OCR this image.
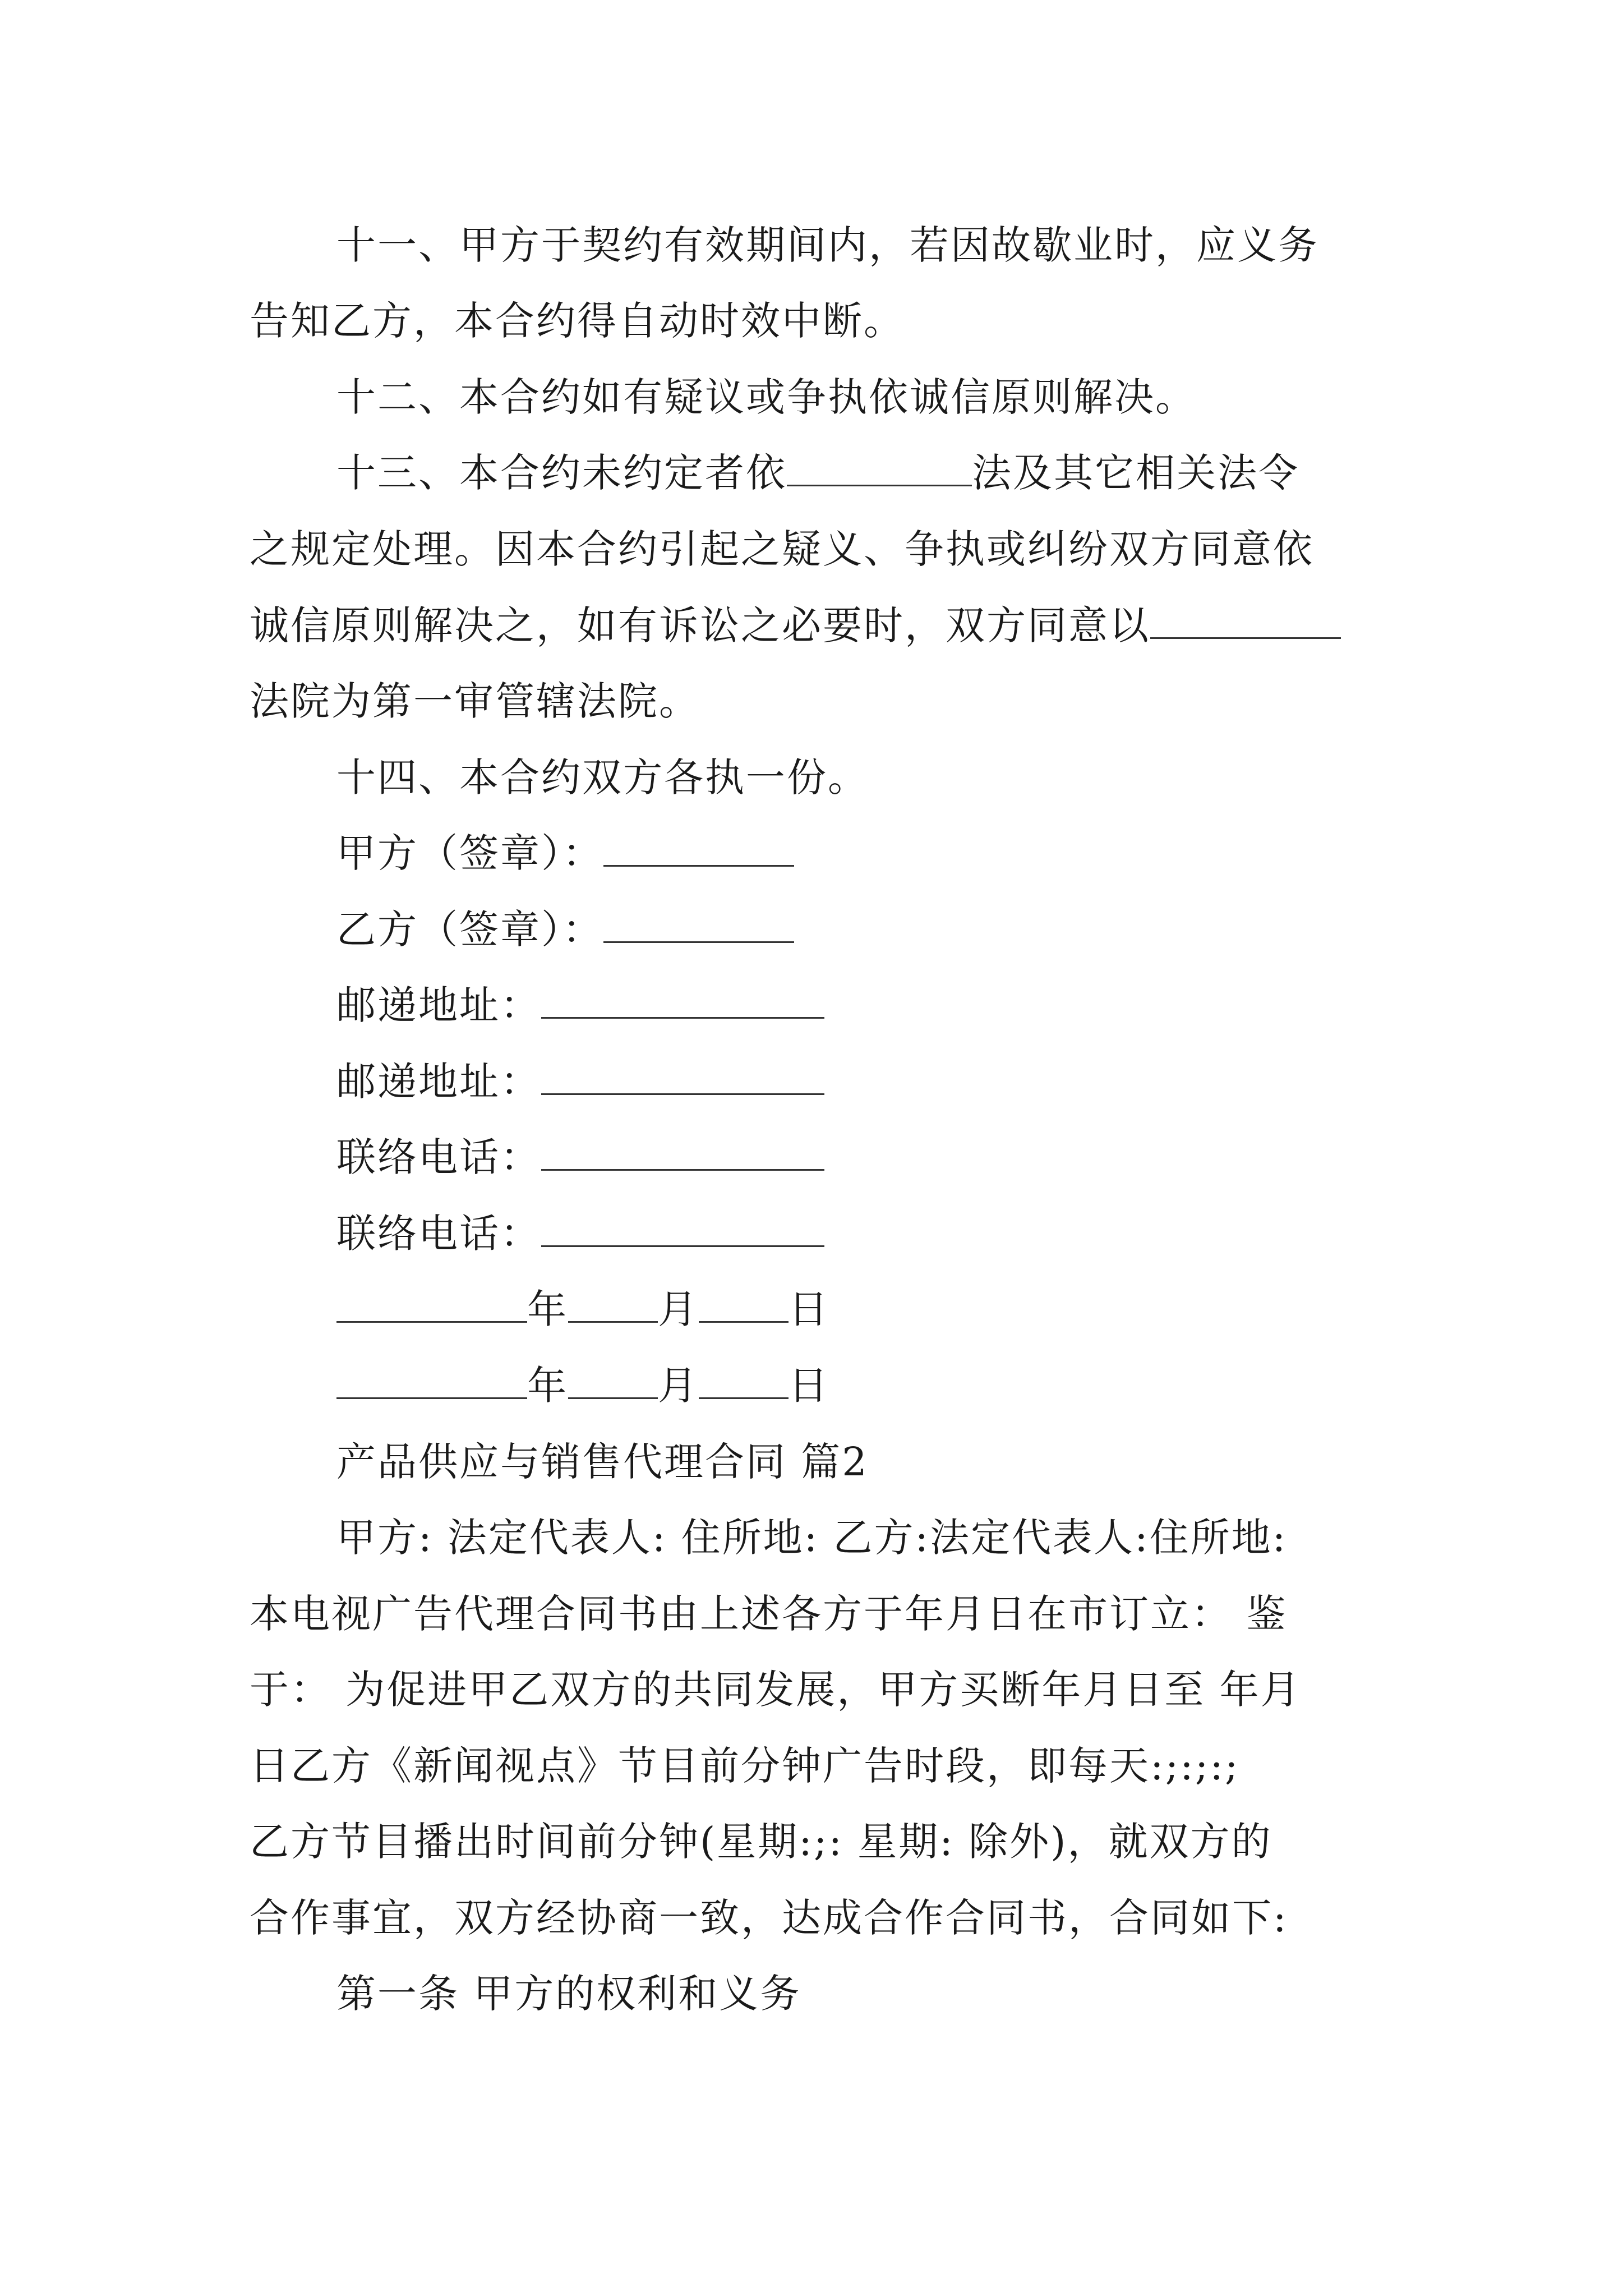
十一、甲方于契约有效期间内，若因故歇业时，应义务
告知乙方，本合约得自动时效中断。
十二、本合约如有疑议或争执依诚信原则解决。
十三、本合约未约定者依	法及其它相关法令
之规定处理。因本合约引起之疑义、争执或纠纷双方同意依
诚信原则解决之，如有诉讼之必要时，双方同意以
法院为第一审管辖法院。
十四、本合约双方各执一份。
甲方（签章）：
乙方（签章）：
邮递地址：
邮递地址：
联络电话：
联络电话：
年 月 日
年 月 日
产品供应与销售代理合同 篇2
甲方: 法定代表人: 住所地: 乙方:法定代表人:住所地:
本电视广告代理合同书由上述各方于年月日在市订立： 鉴
于： 为促进甲乙双方的共同发展，甲方买断年月日至 年月
日乙方《新闻视点》节目前分钟广告时段，即每天:;:;:;
乙方节目播出时间前分钟(星期:;: 星期: 除外)，就双方的
合作事宜，双方经协商一致，达成合作合同书，合同如下:
第一条 甲方的权利和义务
